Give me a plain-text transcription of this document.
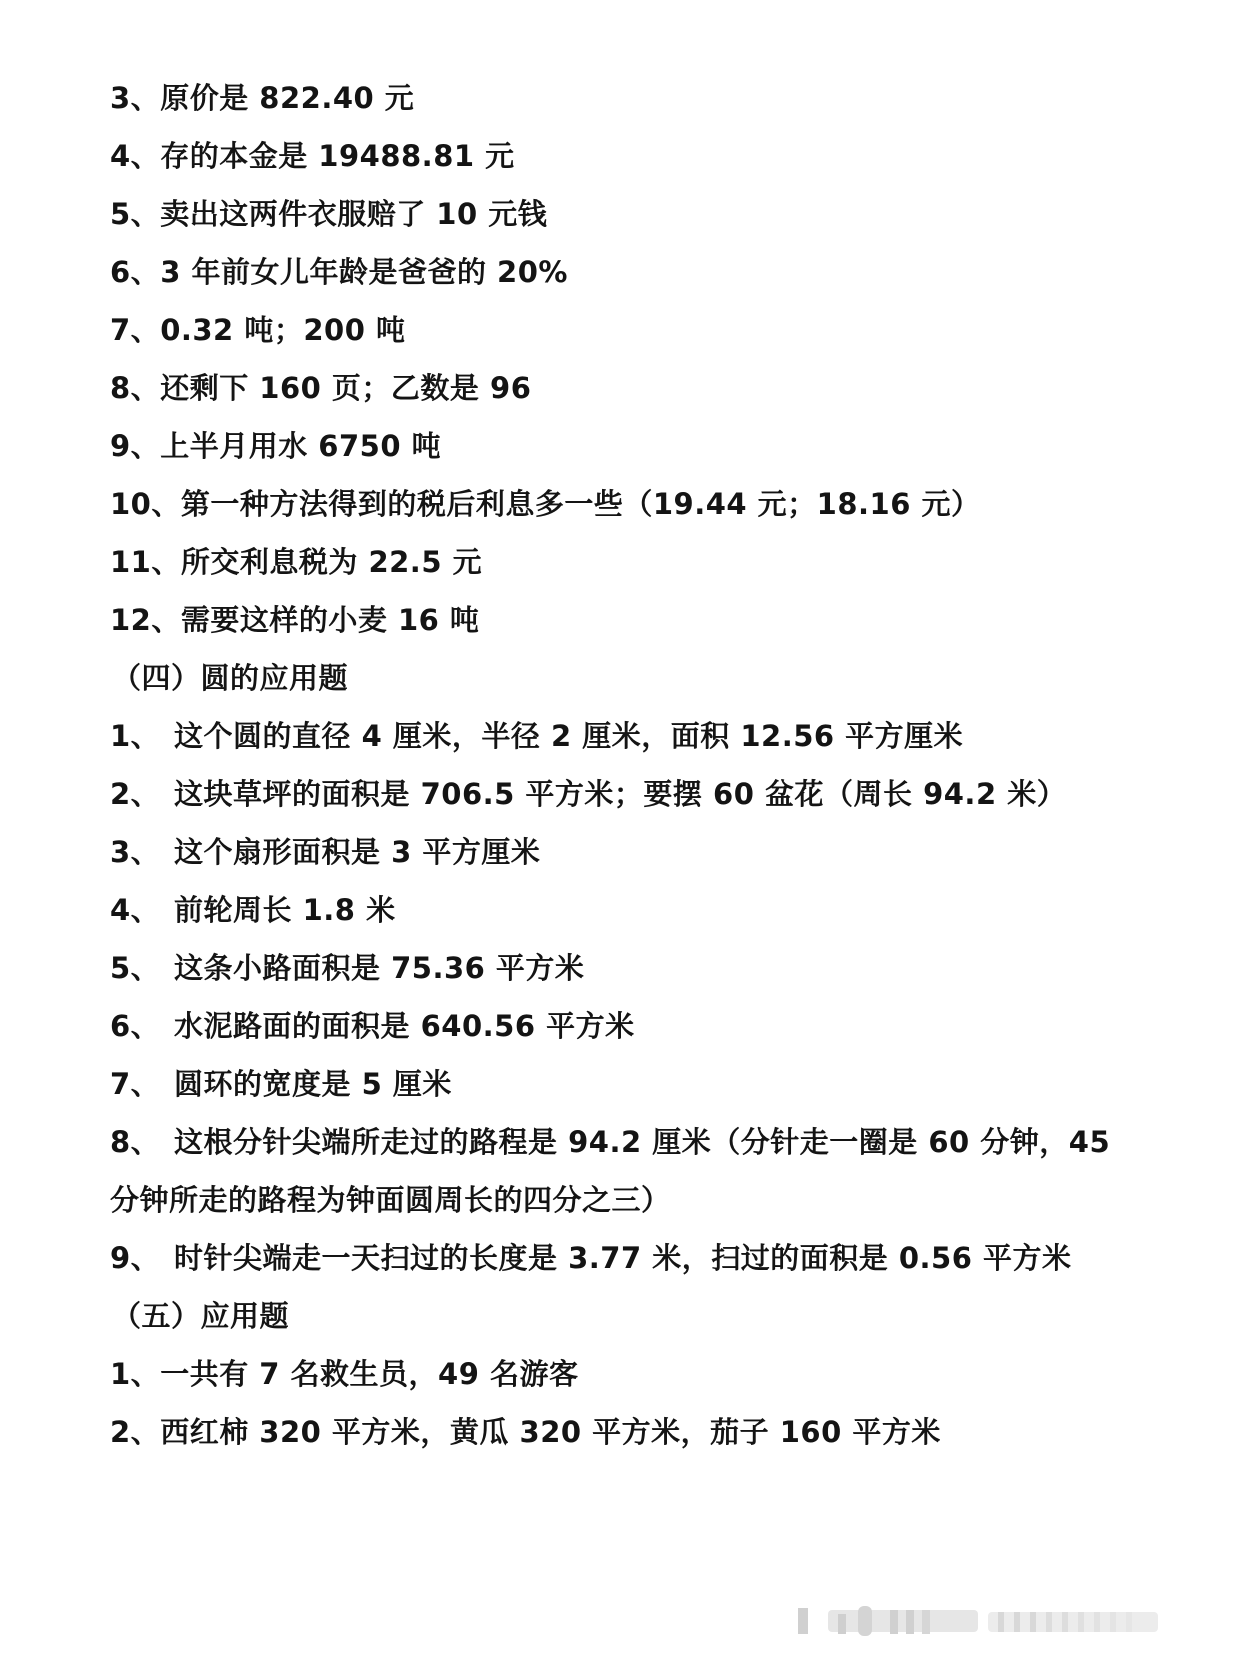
3、原价是 822.40 元
4、存的本金是 19488.81 元
5、卖出这两件衣服赔了 10 元钱
6、3 年前女儿年龄是爸爸的 20%
7、0.32 吨；200 吨
8、还剩下 160 页；乙数是 96
9、上半月用水 6750 吨
10、第一种方法得到的税后利息多一些（19.44 元；18.16 元）
11、所交利息税为 22.5 元
12、需要这样的小麦 16 吨
（四）圆的应用题
1、 这个圆的直径 4 厘米，半径 2 厘米，面积 12.56 平方厘米
2、 这块草坪的面积是 706.5 平方米；要摆 60 盆花（周长 94.2 米）
3、 这个扇形面积是 3 平方厘米
4、 前轮周长 1.8 米
5、 这条小路面积是 75.36 平方米
6、 水泥路面的面积是 640.56 平方米
7、 圆环的宽度是 5 厘米
8、 这根分针尖端所走过的路程是 94.2 厘米（分针走一圈是 60 分钟，45
分钟所走的路程为钟面圆周长的四分之三）
9、 时针尖端走一天扫过的长度是 3.77 米，扫过的面积是 0.56 平方米
（五）应用题
1、一共有 7 名救生员，49 名游客
2、西红柿 320 平方米，黄瓜 320 平方米，茄子 160 平方米
